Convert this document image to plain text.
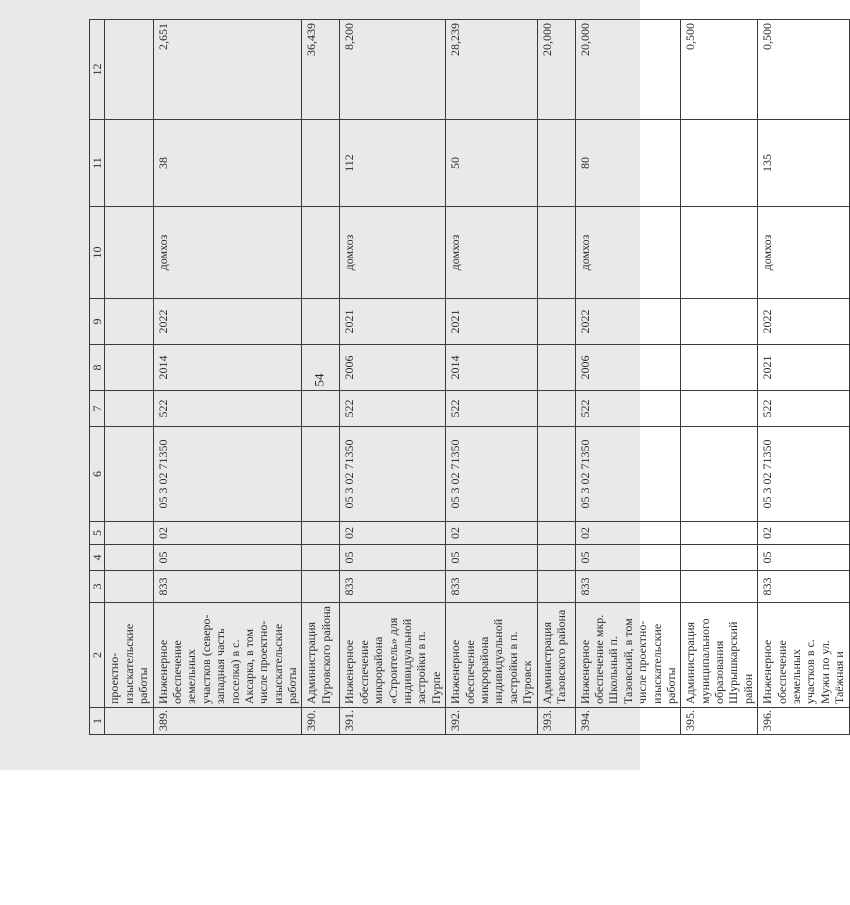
54
1	2	3	4	5	6	7	8	9	10	11	12
	проектно-изыскательские работы										
389.	Инженерное обеспечение земельных участков (северо-западная часть поселка) в с. Аксарка, в том числе проектно-изыскательские работы	833	05	02	05 3 02 71350	522	2014	2022	домхоз	38	2,651
390.	Администрация Пуровского района										36,439
391.	Инженерное обеспечение микрорайона «Строитель» для индивидуальной застройки в п. Пурпе	833	05	02	05 3 02 71350	522	2006	2021	домхоз	112	8,200
392.	Инженерное обеспечение микрорайона индивидуальной застройки в п. Пуровск	833	05	02	05 3 02 71350	522	2014	2021	домхоз	50	28,239
393.	Администрация Тазовского района										20,000
394.	Инженерное обеспечение мкр. Школьный п. Тазовский, в том числе проектно-изыскательские работы	833	05	02	05 3 02 71350	522	2006	2022	домхоз	80	20,000
395.	Администрация муниципального образования Шурышкарский район										0,500
396.	Инженерное обеспечение земельных участков в с. Мужи по ул. Таёжная и	833	05	02	05 3 02 71350	522	2021	2022	домхоз	135	0,500
